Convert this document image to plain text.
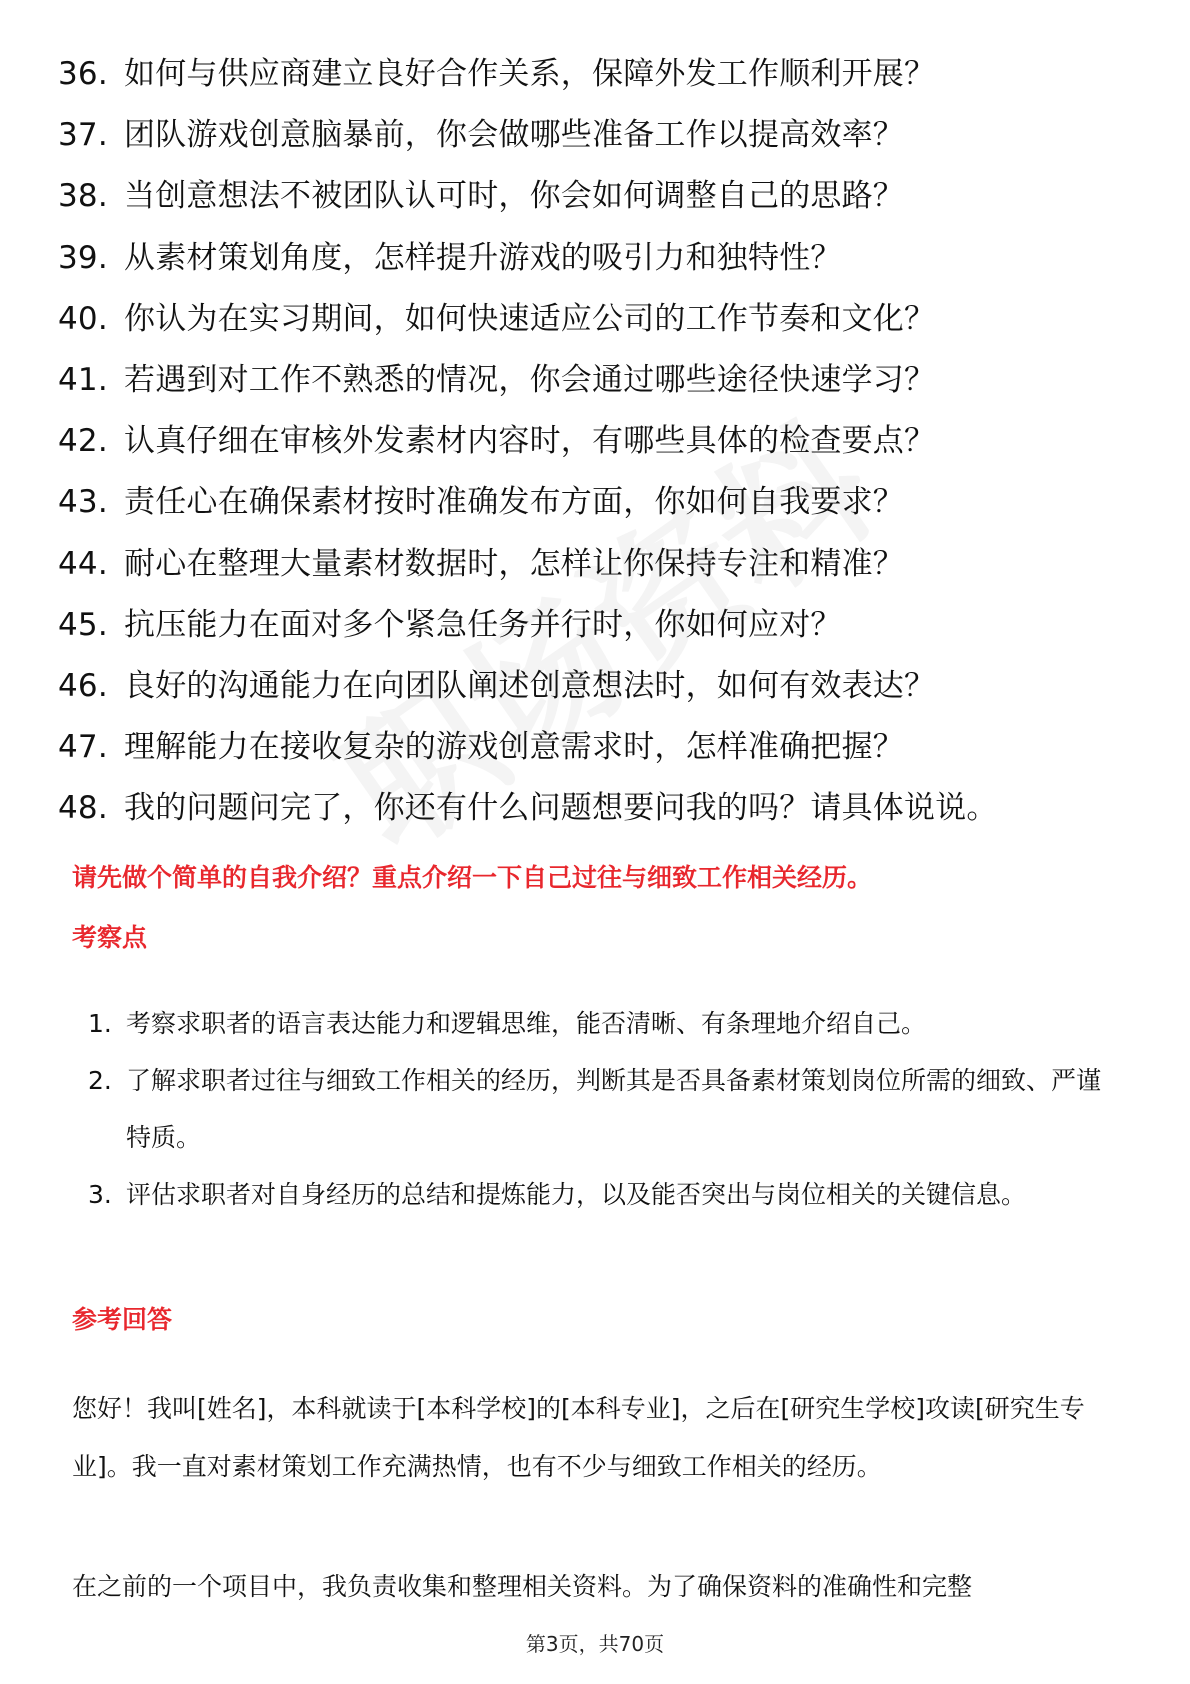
36. 如何与供应商建立良好合作关系，保障外发工作顺利开展？
37. 团队游戏创意脑暴前，你会做哪些准备工作以提高效率？
38. 当创意想法不被团队认可时，你会如何调整自己的思路？
39. 从素材策划角度，怎样提升游戏的吸引力和独特性？
40. 你认为在实习期间，如何快速适应公司的工作节奏和文化？
41. 若遇到对工作不熟悉的情况，你会通过哪些途径快速学习？
42. 认真仔细在审核外发素材内容时，有哪些具体的检查要点？
43. 责任心在确保素材按时准确发布方面，你如何自我要求？
44. 耐心在整理大量素材数据时，怎样让你保持专注和精准？
45. 抗压能力在面对多个紧急任务并行时，你如何应对？
46. 良好的沟通能力在向团队阐述创意想法时，如何有效表达？
47. 理解能力在接收复杂的游戏创意需求时，怎样准确把握？
48. 我的问题问完了，你还有什么问题想要问我的吗？请具体说说。
请先做个简单的自我介绍？重点介绍一下自己过往与细致工作相关经历。
考察点
1. 考察求职者的语言表达能力和逻辑思维，能否清晰、有条理地介绍自己。
2. 了解求职者过往与细致工作相关的经历，判断其是否具备素材策划岗位所需的细致、严谨特质。
3. 评估求职者对自身经历的总结和提炼能力，以及能否突出与岗位相关的关键信息。
参考回答
您好！我叫[姓名]，本科就读于[本科学校]的[本科专业]，之后在[研究生学校]攻读[研究生专业]。我一直对素材策划工作充满热情，也有不少与细致工作相关的经历。
在之前的一个项目中，我负责收集和整理相关资料。为了确保资料的准确性和完整
第3页，共70页
